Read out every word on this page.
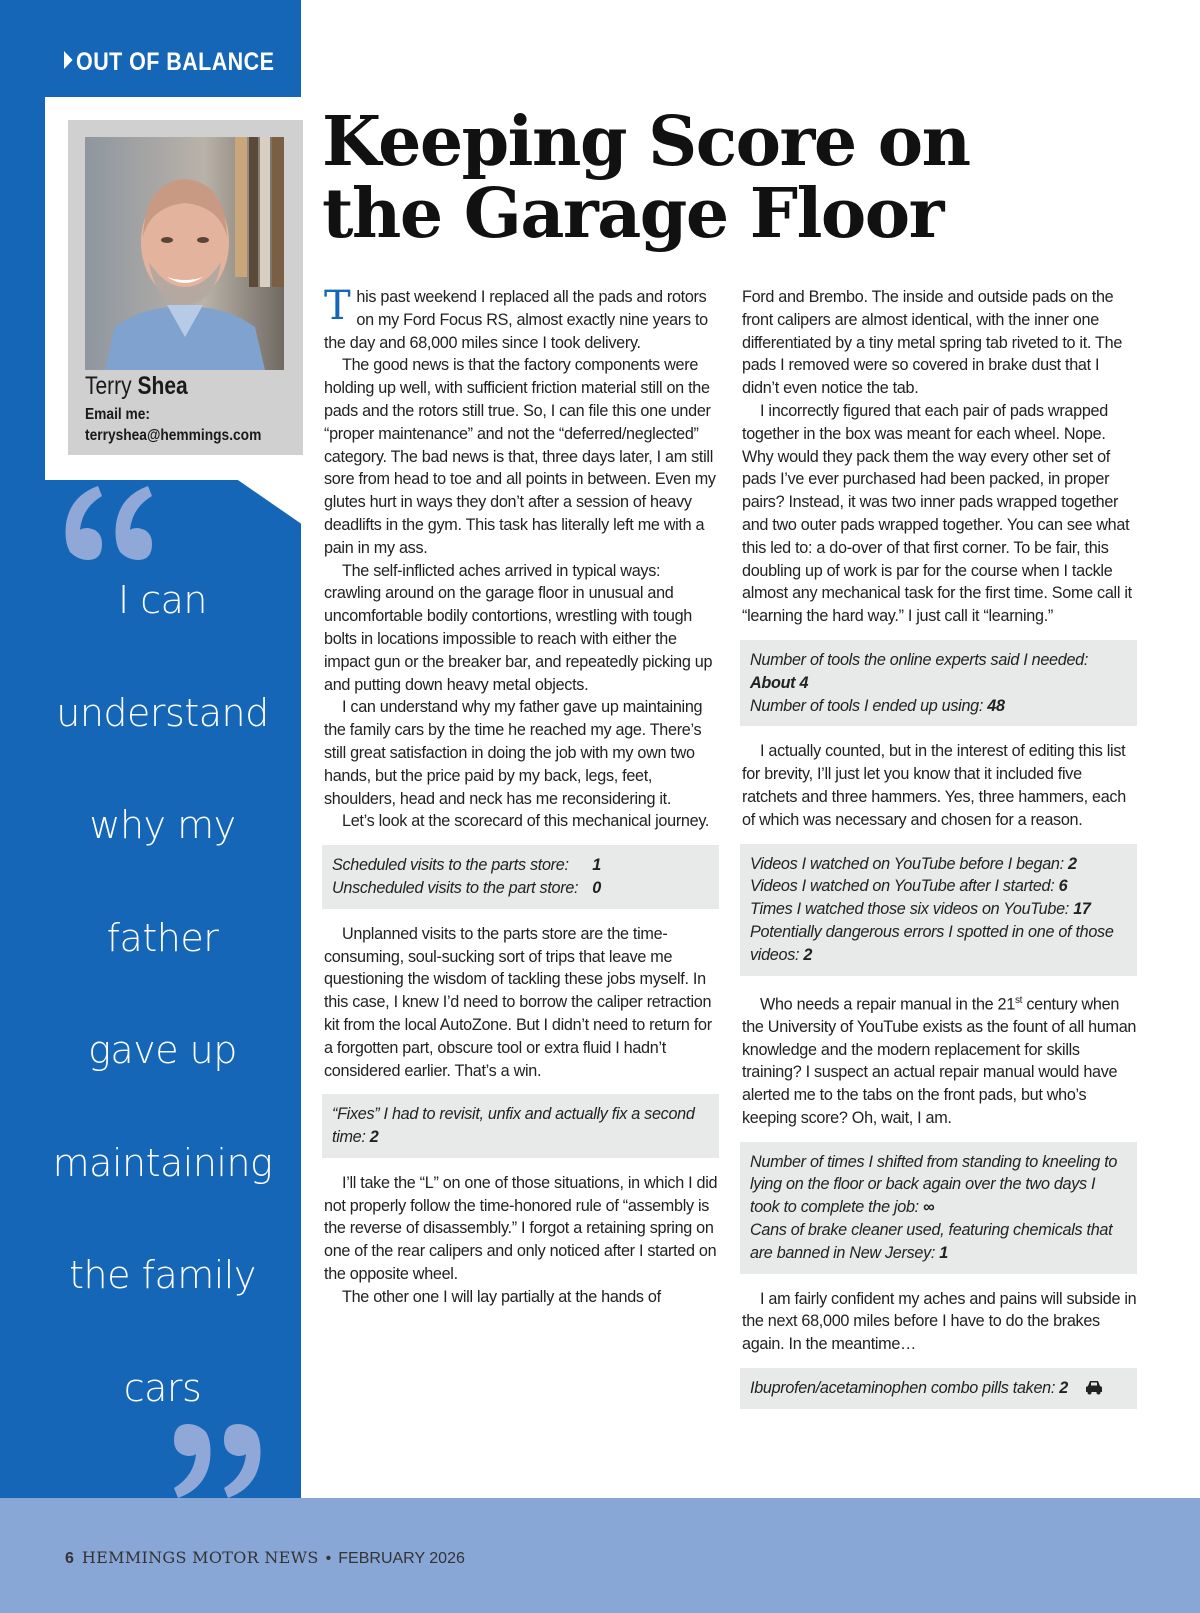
OUT OF BALANCE
Terry Shea
Email me:
terryshea@hemmings.com
I can
understand
why my
father
gave up
maintaining
the family
cars
Keeping Score on
the Garage Floor

This past weekend I replaced all the pads and rotors on my Ford Focus RS, almost exactly nine years to the day and 68,000 miles since I took delivery.

The good news is that the factory components were holding up well, with sufficient friction material still on the pads and the rotors still true. So, I can file this one under “proper maintenance” and not the “deferred/neglected” category. The bad news is that, three days later, I am still sore from head to toe and all points in between. Even my glutes hurt in ways they don’t after a session of heavy deadlifts in the gym. This task has literally left me with a pain in my ass.

The self-inflicted aches arrived in typical ways: crawling around on the garage floor in unusual and uncomfortable bodily contortions, wrestling with tough bolts in locations impossible to reach with either the impact gun or the breaker bar, and repeatedly picking up and putting down heavy metal objects.

I can understand why my father gave up maintaining the family cars by the time he reached my age. There’s still great satisfaction in doing the job with my own two hands, but the price paid by my back, legs, feet, shoulders, head and neck has me reconsidering it.

Let’s look at the scorecard of this mechanical journey.

Scheduled visits to the parts store:	1
Unscheduled visits to the part store:	0

Unplanned visits to the parts store are the time-consuming, soul-sucking sort of trips that leave me questioning the wisdom of tackling these jobs myself. In this case, I knew I’d need to borrow the caliper retraction kit from the local AutoZone. But I didn’t need to return for a forgotten part, obscure tool or extra fluid I hadn’t considered earlier. That’s a win.

“Fixes” I had to revisit, unfix and actually fix a second time: 2

I’ll take the “L” on one of those situations, in which I did not properly follow the time-honored rule of “assembly is the reverse of disassembly.” I forgot a retaining spring on one of the rear calipers and only noticed after I started on the opposite wheel.

The other one I will lay partially at the hands of

Ford and Brembo. The inside and outside pads on the front calipers are almost identical, with the inner one differentiated by a tiny metal spring tab riveted to it. The pads I removed were so covered in brake dust that I didn’t even notice the tab.

I incorrectly figured that each pair of pads wrapped together in the box was meant for each wheel. Nope. Why would they pack them the way every other set of pads I’ve ever purchased had been packed, in proper pairs? Instead, it was two inner pads wrapped together and two outer pads wrapped together. You can see what this led to: a do-over of that first corner. To be fair, this doubling up of work is par for the course when I tackle almost any mechanical task for the first time. Some call it “learning the hard way.” I just call it “learning.”

Number of tools the online experts said I needed: About 4
Number of tools I ended up using: 48

I actually counted, but in the interest of editing this list for brevity, I’ll just let you know that it included five ratchets and three hammers. Yes, three hammers, each of which was necessary and chosen for a reason.

Videos I watched on YouTube before I began: 2
Videos I watched on YouTube after I started: 6
Times I watched those six videos on YouTube: 17
Potentially dangerous errors I spotted in one of those videos: 2

Who needs a repair manual in the 21st century when the University of YouTube exists as the fount of all human knowledge and the modern replacement for skills training? I suspect an actual repair manual would have alerted me to the tabs on the front pads, but who’s keeping score? Oh, wait, I am.

Number of times I shifted from standing to kneeling to lying on the floor or back again over the two days I took to complete the job: ∞
Cans of brake cleaner used, featuring chemicals that are banned in New Jersey: 1

I am fairly confident my aches and pains will subside in the next 68,000 miles before I have to do the brakes again. In the meantime…

Ibuprofen/acetaminophen combo pills taken: 2
6 HEMMINGS MOTOR NEWS • FEBRUARY 2026
